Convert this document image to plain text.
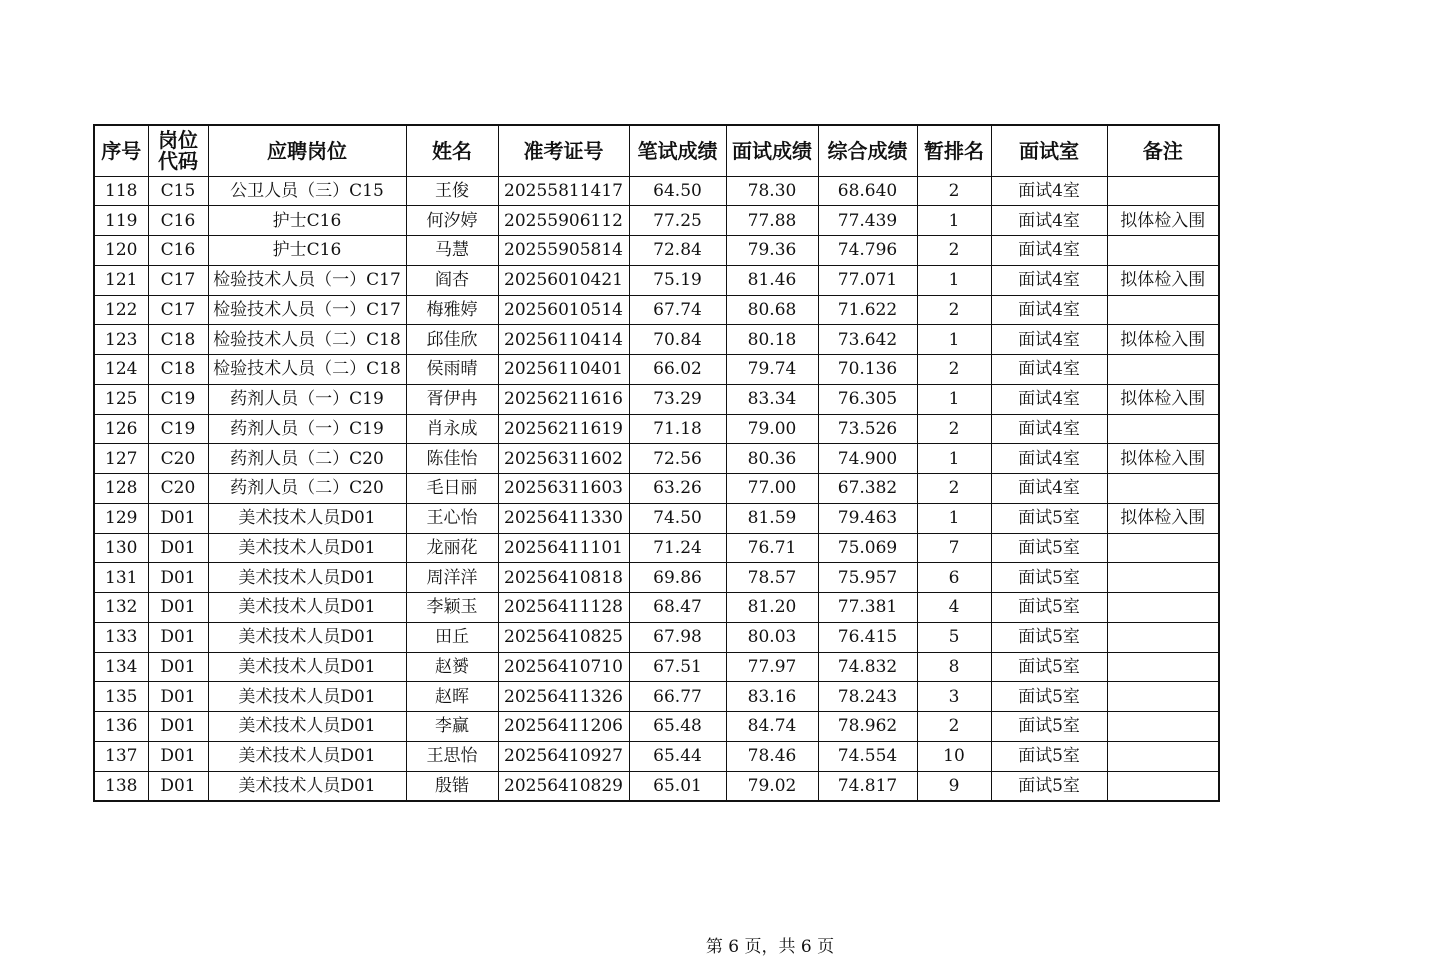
序号	岗位代码	应聘岗位	姓名	准考证号	笔试成绩	面试成绩	综合成绩	暂排名	面试室	备注
118	C15	公卫人员（三）C15	王俊	20255811417	64.50	78.30	68.640	2	面试4室	
119	C16	护士C16	何汐婷	20255906112	77.25	77.88	77.439	1	面试4室	拟体检入围
120	C16	护士C16	马慧	20255905814	72.84	79.36	74.796	2	面试4室	
121	C17	检验技术人员（一）C17	阎杏	20256010421	75.19	81.46	77.071	1	面试4室	拟体检入围
122	C17	检验技术人员（一）C17	梅雅婷	20256010514	67.74	80.68	71.622	2	面试4室	
123	C18	检验技术人员（二）C18	邱佳欣	20256110414	70.84	80.18	73.642	1	面试4室	拟体检入围
124	C18	检验技术人员（二）C18	侯雨晴	20256110401	66.02	79.74	70.136	2	面试4室	
125	C19	药剂人员（一）C19	胥伊冉	20256211616	73.29	83.34	76.305	1	面试4室	拟体检入围
126	C19	药剂人员（一）C19	肖永成	20256211619	71.18	79.00	73.526	2	面试4室	
127	C20	药剂人员（二）C20	陈佳怡	20256311602	72.56	80.36	74.900	1	面试4室	拟体检入围
128	C20	药剂人员（二）C20	毛日丽	20256311603	63.26	77.00	67.382	2	面试4室	
129	D01	美术技术人员D01	王心怡	20256411330	74.50	81.59	79.463	1	面试5室	拟体检入围
130	D01	美术技术人员D01	龙丽花	20256411101	71.24	76.71	75.069	7	面试5室	
131	D01	美术技术人员D01	周洋洋	20256410818	69.86	78.57	75.957	6	面试5室	
132	D01	美术技术人员D01	李颖玉	20256411128	68.47	81.20	77.381	4	面试5室	
133	D01	美术技术人员D01	田丘	20256410825	67.98	80.03	76.415	5	面试5室	
134	D01	美术技术人员D01	赵赟	20256410710	67.51	77.97	74.832	8	面试5室	
135	D01	美术技术人员D01	赵晖	20256411326	66.77	83.16	78.243	3	面试5室	
136	D01	美术技术人员D01	李赢	20256411206	65.48	84.74	78.962	2	面试5室	
137	D01	美术技术人员D01	王思怡	20256410927	65.44	78.46	74.554	10	面试5室	
138	D01	美术技术人员D01	殷锴	20256410829	65.01	79.02	74.817	9	面试5室	
第 6 页，共 6 页
